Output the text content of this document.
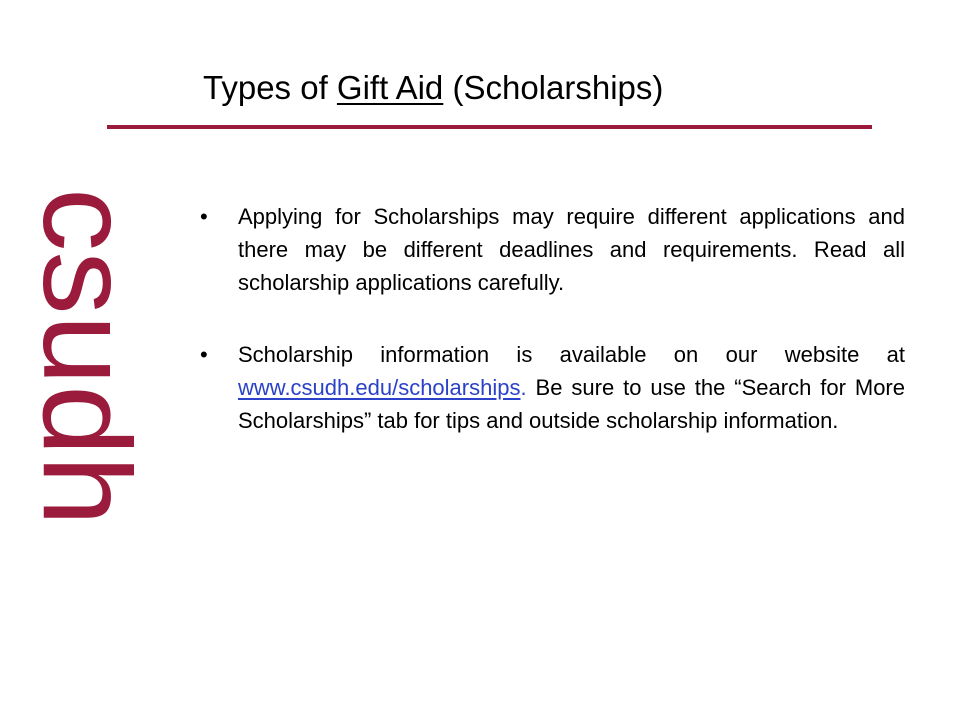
csudh
Types of Gift Aid (Scholarships)
•	Applying for Scholarships may require different applications and there may be different deadlines and requirements. Read all scholarship applications carefully.
•	Scholarship information is available on our website at www.csudh.edu/scholarships. Be sure to use the “Search for More Scholarships” tab for tips and outside scholarship information.
